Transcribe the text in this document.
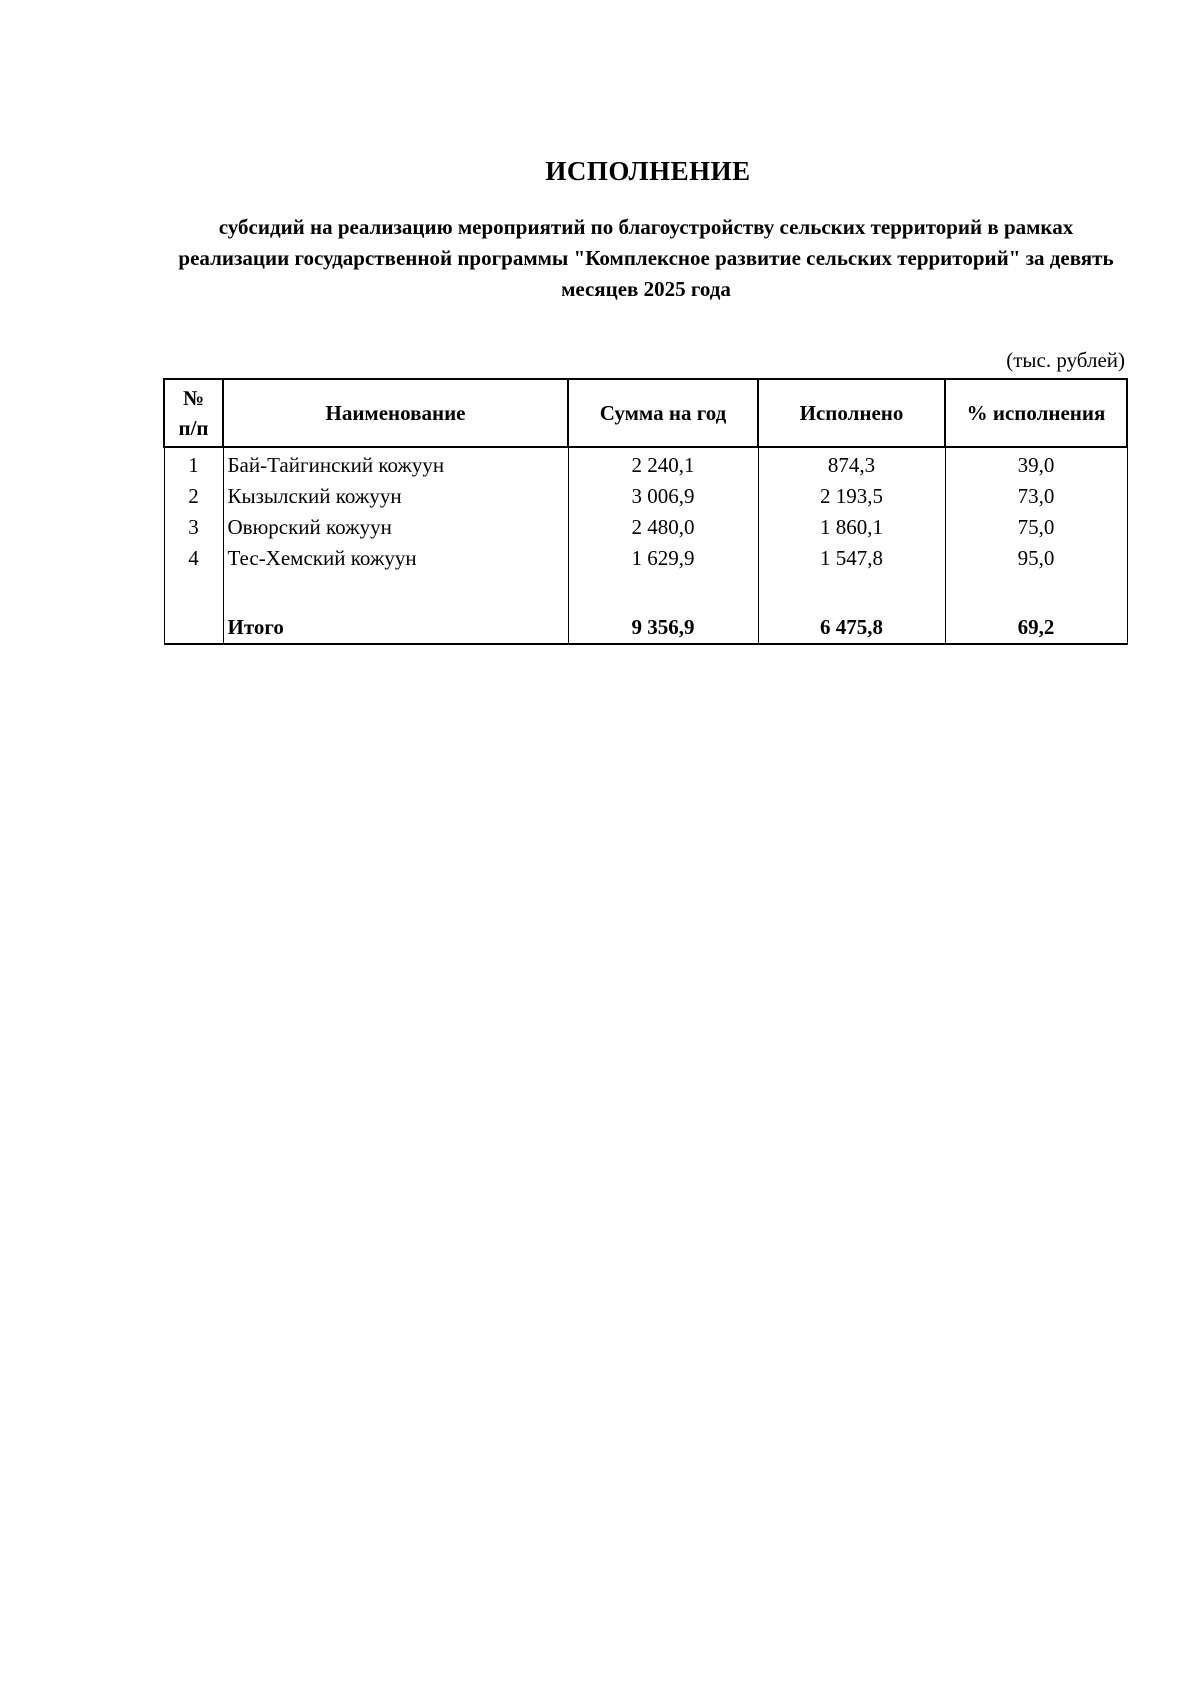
ИСПОЛНЕНИЕ

субсидий на реализацию мероприятий по благоустройству сельских территорий в рамках реализации государственной программы "Комплексное развитие сельских территорий" за девять месяцев 2025 года

(тыс. рублей)

№
п/п	Наименование	Сумма на год	Исполнено	% исполнения
1	Бай-Тайгинский кожуун	2 240,1	874,3	39,0
2	Кызылский кожуун	3 006,9	2 193,5	73,0
3	Овюрский кожуун	2 480,0	1 860,1	75,0
4	Тес-Хемский кожуун	1 629,9	1 547,8	95,0

	Итого	9 356,9	6 475,8	69,2
